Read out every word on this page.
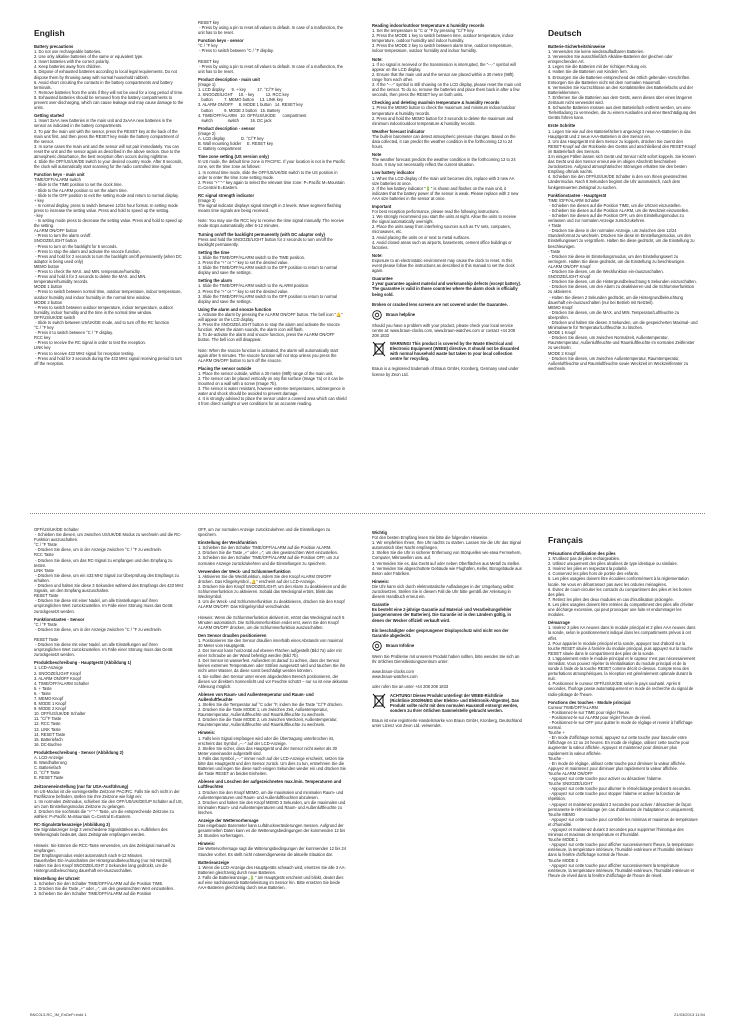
English
Battery precautions

1. Do not use rechargeable batteries.
2. Use only alkaline batteries of the same or equivalent type.
3. Insert batteries with the correct polarity.
4. Keep batteries away from children.
5. Dispose of exhausted batteries according to local legal requirements. Do not dispose them by throwing away with normal household rubbish.
6. Avoid short circuiting the contacts in the battery compartments and battery terminals.
7. Remove batteries from the units if they will not be used for a long period of time.
8. Exhausted batteries should be removed from the battery compartments to prevent over-discharging, which can cause leakage and may cause damage to the units.

Getting started

1. Insert 3xAA new batteries in the main unit and 2xAAA new batteries in the sensor as indicated in the battery compartments.
2. To pair the main unit with the sensor, press the RESET key at the back of the main unit first, and then press the RESET key inside the battery compartment of the sensor.
3. In some cases the main unit and the sensor will not pair immediately. You can reset the unit and the sensor again as described in the above section. Due to the atmospheric disturbance, the best reception often occurs during nighttime.
4. Slide the OFF/US/UK/DE switch to your desired country mode. After 8 seconds, the clock will automatically start scanning for the radio controlled time signal.

Function keys - main unit

TIME/OFF/ALARM switch
- Slide to the TIME position to set the clock time.
- Slide to the ALARM position to set the alarm time.
- Slide to the OFF position to exit the setting mode and return to normal display.
+ key
- In normal display, press to switch between 12/24 hour format. In setting mode press to increase the setting value. Press and hold to speed up the setting.
- key
- In setting mode press to decrease the setting value. Press and hold to speed up the setting.
ALARM ON/OFF button
- Press to turn the alarm on/off.
SNOOZE/LIGHT button
- Press to turn on the backlight for 5 seconds.
- Press to stop the alarm and activate the snooze function.
- Press and hold for 2 seconds to turn the backlight on/off permanently (when DC adaptor is being used only)
MEMO button
- Press to check the MAX. and MIN. temperature/humidity.
- Press and hold it for 3 seconds to delete the MAX. and MIN. temperature/humidity records.
MODE 1 button
- Press to switch between normal time, outdoor temperature, indoor temperature, outdoor humidity and indoor humidity in the normal time window.
MODE 2 button
- Press to switch between outdoor temperature, indoor temperature, outdoor humidity, indoor humidity and the time in the normal time window.
OFF/US/UK/DE switch
- Slide to switch between US/UK/DE mode, and to turn off the RC function
°C / °F key
- Press it to switch between °C / °F display.
RCC key
- Press to receive the RC signal in order to test the reception.
LINK key
- Press to receive 433 MHz signal for reception testing.
- Press and hold for 3 seconds during the 433 MHz signal receiving period to turn off the reception.

RESET key
- Press by using a pin to reset all values to default. In case of a malfunction, the unit has to be reset.

Function keys - sensor

°C / °F key
- Press to switch between °C / °F display.

RESET key
- Press by using a pin to reset all values to default. In case of a malfunction, the unit has to be reset.

Product description - main unit

(Image 1)
1. LCD display      9. + key          17. °C/°F key
2. SNOOZE/LIGHT     10. - key          12. RCC key
button          7. MEMO button     13. LINK key
3. ALARM ON/OFF     8. MODE 1 button   14. RESET key
button          9. MODE 2 button   15. Battery
4. TIME/OFF/ALARM   10. OFF/US/UK/DE      compartment
switch             switch          16. DC jack

Product description - sensor

(Image 2)
A. LCD display              D. °C/°F key
B. Wall mounting holder     E. RESET key
C. Battery compartment

Time zone setting (US version only)

In US mode, the default time zone is PACIFIC. If your location is not in the Pacific zone, set the time zone as follows:
1. In normal time mode, slide the OFF/US/UK/DE switch to the US position in order to enter the time zone setting mode.
2. Press "+" "-" key again to select the relevant time zone: P=Pacific M=Mountain C=Central E=Eastern.

RC signal strength indicator

(Image 3)
The signal indicator displays signal strength in 3 levels. Wave segment flashing means time signals are being received.

Note: You may use the RCC key to receive the time signal manually. The receive mode stops automatically after 6-12 minutes.

Turning on/off the backlight permanently (with DC adaptor only)

Press and hold the SNOOZE/LIGHT button for 2 seconds to turn on/off the backlight permanently.

Setting the time

1. Slide the TIME/OFF/ALARM switch to the TIME position.
2. Press the "+" or "-" key to set the desired value.
3. Slide the TIME/OFF/ALARM switch to the OFF position to return to normal display and save the settings.

Setting the alarm

1. Slide the TIME/OFF/ALARM switch to the ALARM position.
2. Press the "+" or "-" key to set the desired value.
3. Slide the TIME/OFF/ALARM switch to the OFF position to return to normal display and save the settings.

Using the alarm and snooze function

1. Activate the alarm by pressing the ALARM ON/OFF button. The bell icon "🔔" will appear on the LCD display.
2. Press the SNOOZE/LIGHT button to stop the alarm and activate the snooze function. When the alarm sounds, the alarm icon will flash.
3. To de-activate the alarm and snooze function, press the ALARM ON/OFF button. The bell icon will disappear.

Note: When the snooze function is activated, the alarm will automatically start again after 5 minutes. The snooze function will not stop unless you press the ALARM ON/OFF button to turn off the snooze.

Placing the sensor outside

1. Place the sensor outside, within a 30 metre (98ft) range of the main unit.
2. The sensor can be placed vertically on any flat surface (Image 7a) or it can be mounted on a wall with a screw (Image 7b).
3. The sensor is water resistant, however extreme temperatures, submergence in water and shock should be avoided to prevent damage.
4. It is strongly advised to place the sensor under a covered area which can shield it from direct sunlight or wet conditions for an accurate reading.

Reading indoor/outdoor temperature & humidity records

1. Set the temperature to °C or °F by pressing °C/°F key.
2. Press the MODE 1 key to switch between time, outdoor temperature, indoor temperature, outdoor humidity and indoor humidity.
3. Press the MODE 2 key to switch between alarm time, outdoor temperature, indoor temperature, outdoor humidity and indoor humidity.

Note:

1. If no signal is received or the transmission is interrupted, the "--.-" symbol will appear on the LCD display.
2. Ensure that the main unit and the sensor are placed within a 30 metre (98ft) range from each other.
3. If the "--.-" symbol is still showing on the LCD display, please reset the main unit and the sensor. To do so, remove the batteries and place them back in after a few seconds, then press the RESET key on both units.

Checking and deleting max/min temperature & humidity records

1. Press the MEMO button to check the maximum and minimum indoor/outdoor temperature & humidity records.
2. Press and hold the MEMO button for 3 seconds to delete the maximum and minimum indoor/outdoor temperature & humidity records.

Weather forecast indicator

The built-in barometer can detect atmospheric pressure changes. Based on the data collected, it can predict the weather condition in the forthcoming 12 to 24 hours.

Note

The weather forecast predicts the weather condition in the forthcoming 12 to 24 hours. It may not necessarily reflect the current situation.

Low battery indicator

1. When the LCD display of the main unit becomes dim, replace with 3 new AA size batteries at once.
2. If the low battery indicator "🔋" is shown and flashes on the main unit, it indicates that the battery power of the sensor is weak. Please replace with 2 new AAA size batteries in the sensor at once.

Important

For best reception performance, please read the following instructions.
1. We strongly recommend you start the units at night. Allow the units to receive the signal automatically overnight.
2. Place the units away from interfering sources such as TV sets, computers, microwaves, etc.
3. Avoid placing the units on or next to metal surfaces.
4. Avoid closed areas such as airports, basements, cement office buildings or factories.

Note:

Exposure to an electrostatic environment may cause the clock to reset. In this event please follow the instructions as described in this manual to set the clock again.

Guarantee

2 year guarantee against material and workmanship defects (except battery). The guarantee is valid in those countries where the alarm clock is officially being sold.

Broken or cracked lens screens are not covered under the Guarantee.

Braun helpline

Should you have a problem with your product, please check your local service centre at: www.braun-clocks.com, www.braun-watches.com or contact +44 208 208 1833

WARNING! This product is covered by the Waste Electrical and Electronic Equipment (WEEE) directive. It should not be discarded with normal household waste but taken to your local collection centre for recycling.

Braun is a registered trademark of Braun GmbH, Kronberg, Germany used under license by Zeon Ltd.

Deutsch
Batterie-Sicherheitshinweise

1. Verwenden Sie keine wiederaufladbaren Batterien.
2. Verwenden Sie ausschließlich Alkaline-Batterien der gleichen oder entsprechenden Art.
3. Legen Sie die Batterien mit der richtigen Polung ein.
4. Halten Sie die Batterien von Kindern fern.
5. Entsorgen Sie die Batterien entsprechend der örtlich geltenden Vorschriften. Entsorgen Sie die Batterien nicht mit dem normalen Hausmüll.
6. Vermeiden Sie Kurzschlüsse an den Kontaktstellen des Batteriefachs und der Batterieklemmen.
7. Entfernen Sie die Batterien aus dem Gerät, wenn dieses über einen längeren Zeitraum nicht verwendet wird.
8. Schwache Batterien müssen aus dem Batteriefach entfernt werden, um eine Tiefentladung zu vermeiden, die zu einem Auslaufen und einer Beschädigung des Geräts führen kann.

Erste Schritte

1. Legen Sie wie auf den Batteriefächern angezeigt 3 neue AA-Batterien in das Hauptgerät und 2 neue AAA-Batterien in den Sensor ein.
2. Um das Hauptgerät mit dem Sensor zu koppeln, drücken Sie zuerst den RESET-Knopf auf der Rückseite des Geräts und anschließend den RESET-Knopf im Batteriefach des Sensors.
3.In einigen Fällen lassen sich Gerät und Sensor nicht sofort koppeln. Sie können das Gerät und den Sensor erneut wie im obigen Abschnitt beschrieben zurücksetzen. Aufgrund atmosphärischer Störungen erhalten Sie den besten Empfang oftmals nachts.
4. Schieben Sie den OFF/US/UK/DE Schalter in den von Ihnen gewünschten Ländermodus. Nach 8 Sekunden beginnt die Uhr automatisch, nach dem funkgesteuerten Zeitsignal zu suchen.

Funktionstasten - Hauptgerät

TIME /OFF/ALARM Schalter
- Schieben Sie diesen auf die Position TIME, um die Uhrzeit einzustellen.
- Schieben Sie diesen auf die Position ALARM, um die Weckzeit einzustellen.
- Schieben Sie diesen auf die Position OFF, um den Einstellungsmodus zu verlassen und zur normalen Anzeige zurückzukehren.
+ Taste
- Drücken Sie diese in der normalen Anzeige, um zwischen dem 12/24 Stundenformat zu wechseln. Drücken Sie diese im Einstellungsmodus, um den Einstellungswert zu vergrößern. Halten Sie diese gedrückt, um die Einstellung zu beschleunigen.
- Taste
- Drücken Sie diese im Einstellungsmodus, um den Einstellungswert zu verringern. Halten Sie diese gedrückt, um die Einstellung zu beschleunigen.
ALARM ON/OFF Knopf
- Drücken Sie diesen, um die Weckfunktion ein-/auszuschalten.
SNOOZE/LIGHT Knopf
- Drücken Sie diesen, um die Hintergrundbeleuchtung 5 Sekunden einzuschalten.
- Drücken Sie diesen, um den Alarm zu deaktivieren und die Schlummerfunktion zu aktivieren.
- Halten Sie diesen 2 Sekunden gedrückt, um die Hintergrundbeleuchtung dauerhaft ein-/auszuschalten (nur bei Betrieb mit Netzteil).
MEMO Knopf
- Drücken Sie diesen, um die MAX. und MIN. Temperatur/Luftfeuchte zu überprüfen.
- Drücken und halten Sie diesen 3 Sekunden, um die gespeicherten Maximal- und Minimalwerte für Temperatur/Luftfeuchte zu löschen.
MODE 1 Knopf
- Drücken Sie diesen, um zwischen Normalzeit, Außentemperatur, Raumtemperatur, Außenluftfeuchte und Raumluftfeuchte im normalen Zeitfenster zu wechseln.
MODE 2 Knopf
- Drücken Sie diesen, um zwischen Außentemperatur, Raumtemperatur, Außenluftfeuchte und Raumluftfeuchte sowie Weckzeit im Weckzeitfenster zu wechseln.

OFF/US/UK/DE Schalter
- Schieben Sie diesen, um zwischen US/UK/DE Modus zu wechseln und die RC-Funktion auszuschalten.
°C / °F Taste
- Drücken Sie diese, um in der Anzeige zwischen °C / °F zu wechseln.
RCC Taste
- Drücken Sie diese, um das RC-Signal zu empfangen und den Empfang zu testen.
LINK Taste
- Drücken Sie diese, um ein 433 MHz Signal zur Überprüfung des Empfangs zu erhalten.
- Drücken und halten Sie diese 3 Sekunden während des Empfangs des 433 MHz Signals, um den Empfang auszuschalten.
RESET Taste
- Drücken Sie diese mit einer Nadel, um alle Einstellungen auf ihren ursprünglichen Wert zurückzustellen. Im Falle einer Störung muss das Gerät zurückgesetzt werden.

Funktionstasten - Sensor

°C / °F Taste
- Drücken Sie diese, um in der Anzeige zwischen °C / °F zu wechseln.

RESET Taste
- Drücken Sie diese mit einer Nadel, um alle Einstellungen auf ihren ursprünglichen Wert zurückzustellen. Im Falle einer Störung muss das Gerät zurückgesetzt werden.

Produktbeschreibung - Hauptgerät (Abbildung 1)

1. LCD-Anzeige
2. SNOOZE/LIGHT Knopf
3. ALARM ON/OFF Knopf
4. TIME/OFF/ALARM Schalter
5. + Taste
6. - Taste
7. MEMO Knopf
8. MODE 1 Knopf
9. MODE 2 Knopf
10. OFF/US/UK/DE Schalter
11. °C/°F Taste
12. RCC Taste
13. LINK Taste
14. RESET Taste
15. Batteriefach
16. DC-Buchse

Produktbeschreibung - Sensor (Abbildung 2)

A. LCD-Anzeige
B. Wandhalterung
C. Batteriefach
D. °C/°F Taste
E. RESET Taste

Zeitzoneneinstellung (nur für USA-Ausführung)

Im US-Modus ist die voreingestellte Zeitzone PACIFIC. Falls Sie sich nicht in der Pazifikzone befinden, stellen Sie Ihre Zeitzone wie folgt ein:
1. Im normalen Zeitmodus, schieben Sie den OFF/US/UK/DE/UP Schalter auf US, um zum Einstellungsmodus Zeitzone zu gelangen.
2. Drücken Sie nochmals die "+" "-" Taste, um die entsprechende Zeitzone zu wählen: P=Pacific M=Mountain C=Central E=Eastern.

RC-Signalstärkeanzeige (Abbildung 3)

Die Signalanzeiger zeigt 3 verschiedene Signalstärken an. Aufblinken des Wellensignals bedeutet, dass Zeitsignale empfangen werden.

Hinweis: Sie können die RCC-Taste verwenden, um das Zeitsignal manuell zu empfangen.
Der Empfangsmodus endet automatisch nach 6-12 Minuten.
Dauerhaftes Ein-/Ausschalten der Hintergrundbeleuchtung (nur mit Netzteil).
Halten Sie den Knopf SNOOZE/LIGHT 2 Sekunden lang gedrückt, um die Hintergrundbeleuchtung dauerhaft ein-/auszuschalten.

Einstellung der Uhrzeit

1. Schieben Sie den Schalter TIME/OFF/ALARM auf die Position TIME.
2. Drücken Sie die Taste „+" oder „-", um den gewünschten Wert einzustellen.
3. Schieben Sie den Schalter TIME/OFF/ALARM auf die Position

OFF, um zur normalen Anzeige zurückzukehren und die Einstellungen zu speichern.

Einstellung der Weckfunktion

1. Schieben Sie den Schalter TIME/OFF/ALARM auf die Position ALARM.
2. Drücken Sie die Taste „+" oder „-", um den gewünschten Wert einzustellen.
3. Schieben Sie den Schalter TIME/OFF/ALARM auf die Position OFF, um zur normalen Anzeige zurückzukehren und die Einstellungen zu speichern.

Verwenden der Weck- und Schlummerfunktion

1. Aktivieren Sie die Weckfunktion, indem Sie den Knopf ALARM ON/OFF drücken. Das Klingelsymbol „🔔" erscheint auf der LCD-Anzeige.
2. Drücken Sie den Knopf SNOOZE/LIGHT, um den Alarm zu deaktivieren und die Schlummerfunktion zu aktivieren. Sobald das Wecksignal ertönt, blinkt das Wecksymbol.
3. Um die Weck- und Schlummerfunktion zu deaktivieren, drücken Sie den Knopf ALARM ON/OFF. Das Klingelsymbol verschwindet.

Hinweis: Wenn die Schlummerfunktion aktiviert ist, ertönt das Wecksignal nach 5 Minuten automatisch. Die Schlummerfunktion endet erst, wenn Sie den Knopf ALARM ON/OFF drücken, um die Schlummerfunktion auszuschalten.

Den Sensor draußen positionieren

1. Positionieren Sie den Sensor draußen innerhalb eines Abstands von maximal 30 Meter vom Hauptgerät.
2. Der Sensor kann horizontal auf ebenen Flächen aufgestellt (Bild 7a) oder mit einer Schraube an der Wand befestigt werden (Bild 7b).
3. Der Sensor ist wasserfest. Außerdem ist darauf zu achten, dass der Sensor keinen extremen Temperaturen oder Stößen ausgesetzt wird und tauchen Sie ihn nicht unter Wasser, da diese sonst beschädigt werden könnten.
4. Sie sollten den Sensor unter einem abgedeckten Bereich positionieren, der diesen vor direktem Sonnenlicht und vor Feuchte schützt – nur so ist eine akkurate Ablesung möglich.

Ablesen von Raum- und Außentemperatur und Raum- und Außenluftfeuchte

1. Stellen Sie die Temperatur auf °C oder °F, indem Sie die Taste °C/°F drücken.
2. Drücken Sie die Taste MODE 1, um zwischen Zeit, Außentemperatur, Raumtemperatur, Außenluftfeuchte und Raumluftfeuchte zu wechseln.
3. Drücken Sie die Taste MODE 2, um zwischen Weckzeit, Außentemperatur, Raumtemperatur, Außenluftfeuchte und Raumluftfeuchte zu wechseln.

Hinweis:

1. Falls kein Signal empfangen wird oder die Übertragung unterbrochen ist, erscheint das Symbol „--.-" auf der LCD-Anzeige.
2. Stellen Sie sicher, dass das Hauptgerät und der Sensor nicht weiter als 30 Meter voneinander aufgestellt sind.
3. Falls das Symbol „--.-" immer noch auf der LCD-Anzeige erscheint, setzen Sie bitte das Hauptgerät und den Sensor zurück. Um dies zu tun, entnehmen Sie die Batterien und legen Sie diese nach einigen Sekunden wieder ein und drücken Sie die Taste RESET an beiden Einheiten.

Ablesen und Löschen der aufgezeichneten max./min. Temperaturen und Luftfeuchten

1. Drücken Sie den Knopf MEMO, um die maximalen und minimalen Raum- und Außentemperaturen und Raum- und Außenluftfeuchten abzulesen.
2. Drücken und halten Sie den Knopf MEMO 3 Sekunden, um die maximalen und minimalen Raum- und Außentemperaturen und Raum- und Außenluftfeuchte zu löschen.

Anzeige der Wettervorhersage

Das eingebaute Barometer kann Luftdruckveränderungen messen. Aufgrund der gesammelten Daten kann es die Wetterungsbedingungen der kommenden 12 bis 24 Stunden vorhersagen.

Hinweis:

Die Wettervorhersage sagt die Witterungsbedingungen der kommenden 12 bis 24 Stunden vorher. Es stellt nicht notwendigerweise die aktuelle Situation dar.

Batterieanzeige

1. Wenn die LCD-Anzeige des Hauptgeräts schwach wird, ersetzen Sie alle 3 AA-Batterien gleichzeitig durch neue Batterien.
2. Falls die Batterieanzeige „🔋" am Hauptgerät erscheint und blinkt, deutet dies auf eine nachlassende Batterieleistung im Sensor hin. Bitte ersetzen Sie beide AAA-Batterien gleichzeitig durch neue Batterien.

Wichtig

Für den besten Empfang lesen Sie bitte die folgenden Hinweise.
1. Wir empfehlen Ihnen, Ihre Uhr nachts zu starten. Lassen Sie die Uhr das Signal automatisch über Nacht empfangen.
2. Stellen Sie die Uhr in sicherer Entfernung von Störquellen wie etwa Fernsehern, Computer, Mikrowellen usw. auf.
3. Vermeiden Sie es, das Gerät auf oder neben Oberflächen aus Metall zu stellen.
4. Vermeiden Sie abgeschottete Gebäude wie Flughäfen, Keller, Bürogebäude aus Beton oder Fabriken.

Hinweis:

Die Uhr kann sich durch elektrostatische Aufladungen in der Umgebung selbst zurücksetzen. Stellen Sie in diesem Fall die Uhr bitte gemäß der Anleitung in diesem Handbuch erneut ein.

Garantie

Es besteht eine 2-jährige Garantie auf Material- und Verarbeitungsfehler (ausgenommen der Batterien). Die Garantie ist in den Ländern gültig, in denen der Wecker offiziell verkauft wird.

Ein beschädigter oder gesprungener Displayschutz wird nicht von der Garantie abgedeckt.

Braun Infoline

Wenn Sie Probleme mit unserem Produkt haben sollten, bitte wenden Sie sich an Ihr örtliches Dienstleistungszentrum unter:

www.braun-clocks.com
www.braun-watches.com

oder rufen Sie an unter +44 208 208 1833

ACHTUNG! Dieses Produkt unterliegt der WEEE-Richtlinie (Richtlinie 2002/96/EG über Elektro- und Elektronik-Altgeräte). Das Produkt sollte nicht mit dem normalen Hausmüll entsorgt werden, sondern zu Ihrer örtlichen Sammelstelle gebracht werden.

Braun ist eine registrierte Handelsmarke von Braun GmbH, Kronberg, Deutschland unter Lizenz von Zeon Ltd. verwendet.

Français
Précautions d'utilisation des piles

1. N'utilisez pas de piles rechargeables.
2. Utilisez uniquement des piles alcalines de type identique ou similaire.
3. Insérez les piles en respectant la polarité.
4. Conservez les piles hors de portée des enfants.
5. Les piles usagées doivent être écoulées conformément à la réglementation locale. Ne vous en débarrassez pas avec les ordures ménagères.
6. Évitez de court-circuiter les contacts du compartiment des piles et les bornes des piles.
7. Retirez les piles des deux modules en cas d'inutilisation prolongée.
8. Les piles usagées doivent être retirées du compartiment des piles afin d'éviter une décharge excessive, qui peut provoquer une fuite et endommager les modules.

Démarrage

1. Insérez 3 piles AA neuves dans le module principal et 2 piles AAA neuves dans la sonde, selon le positionnement indiqué dans les compartiments prévus à cet effet.
2. Pour apparier le module principal et la sonde, appuyez tout d'abord sur la touche RESET située à l'arrière du module principal, puis appuyez sur la touche RESET située dans le compartiment des piles de la sonde.
3. L'appariement entre le module principal et le capteur n'est pas nécessairement immédiat. Vous pouvez répéter la réinitialisation du module principal et de la sonde à l'aide de la touche RESET comme décrit ci-dessus. Compte tenu des perturbations atmosphériques, la réception est généralement optimale durant la nuit.
4. Positionnez le curseur OFF/US/UK/DE selon le pays souhaité. Après 8 secondes, l'horloge passe automatiquement en mode de recherche du signal de radio-pilotage de l'heure.

Fonctions des touches - Module principal

Curseur TIME/OFF/ALARM
- Positionnez-le sur TIME pour régler l'heure.
- Positionnez-le sur ALARM pour régler l'heure de réveil.
- Positionnez-le sur OFF pour quitter le mode de réglage et revenir à l'affichage normal.
Touche +
- En mode d'affichage normal, appuyez sur cette touche pour basculer entre l'affichage en 12 ou 24 heures. En mode de réglage, utilisez cette touche pour augmenter la valeur affichée. Appuyez et maintenez pour diminuer plus rapidement la valeur affichée.
Touche -
- En mode de réglage, utilisez cette touche pour diminuer la valeur affichée. Appuyez et maintenez pour diminuer plus rapidement la valeur affichée.
Touche ALARM ON/OFF
- Appuyez sur cette touche pour activer ou désactiver l'alarme.
Touche SNOOZE/LIGHT
- Appuyez sur cette touche pour allumer le rétroéclairage pendant 5 secondes.
- Appuyez sur cette touche pour stopper l'alarme et activer la fonction de répétition.
- Appuyez et maintenez pendant 2 secondes pour activer / désactiver de façon permanente le rétroéclairage (en cas d'utilisation de l'adaptateur cc uniquement).
Touche MEMO
- Appuyez sur cette touche pour contrôler les minimas et maximas de température et d'humidité.
- Appuyez et maintenez durant 3 secondes pour supprimer l'historique des minimas et maximas de température et d'humidité.
Touche MODE 1
- Appuyez sur cette touche pour afficher successivement l'heure, la température extérieure, la température intérieure, l'humidité extérieure et l'humidité intérieure dans la fenêtre d'affichage normal de l'heure.
Touche MODE 2
- Appuyez sur cette touche pour afficher successivement la température extérieure, la température intérieure, l'humidité extérieure, l'humidité intérieure et l'heure de réveil dans la fenêtre d'affichage de l'heure de réveil.

BNC013-RC_IM_EnDeFr.indd 1	21/03/2013 11:54
